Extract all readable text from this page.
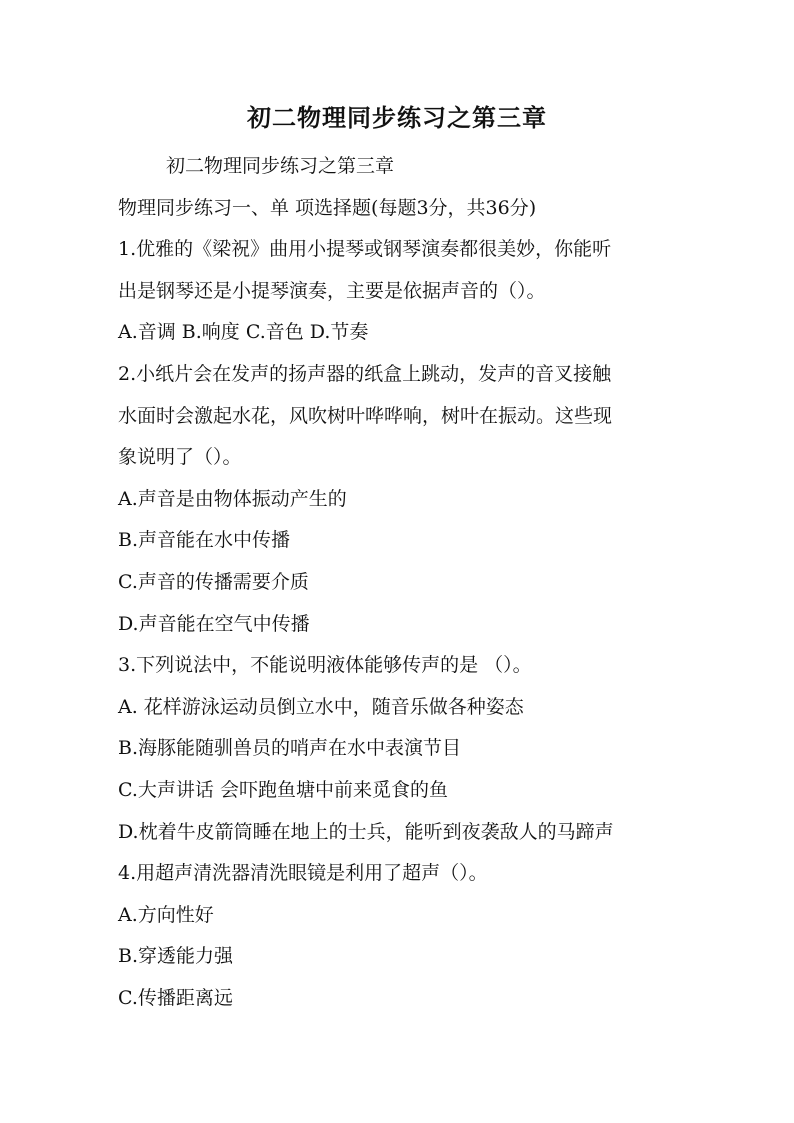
初二物理同步练习之第三章

初二物理同步练习之第三章

物理同步练习一、单 项选择题(每题3分，共36分)

1.优雅的《梁祝》曲用小提琴或钢琴演奏都很美妙，你能听

出是钢琴还是小提琴演奏，主要是依据声音的（）。

A.音调 B.响度 C.音色 D.节奏

2.小纸片会在发声的扬声器的纸盒上跳动，发声的音叉接触

水面时会激起水花，风吹树叶哗哗响，树叶在振动。这些现

象说明了（）。

A.声音是由物体振动产生的

B.声音能在水中传播

C.声音的传播需要介质

D.声音能在空气中传播

3.下列说法中，不能说明液体能够传声的是 （）。

A. 花样游泳运动员倒立水中，随音乐做各种姿态

B.海豚能随驯兽员的哨声在水中表演节目

C.大声讲话 会吓跑鱼塘中前来觅食的鱼

D.枕着牛皮箭筒睡在地上的士兵，能听到夜袭敌人的马蹄声

4.用超声清洗器清洗眼镜是利用了超声（）。

A.方向性好

B.穿透能力强

C.传播距离远
